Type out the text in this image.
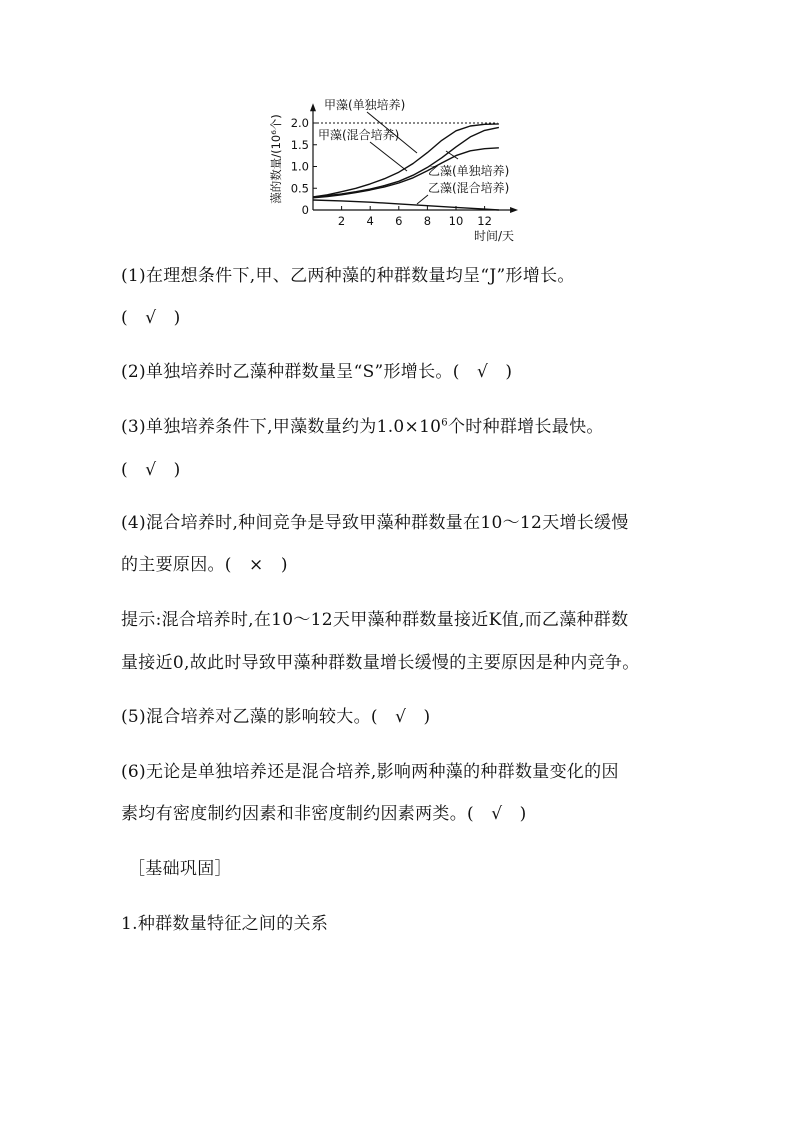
0
0.5
1.0
1.5
2.0
2 4 6 8 10 12
时间/天
藻的数量/(10⁶个)
甲藻(单独培养)
甲藻(混合培养)
乙藻(单独培养)
乙藻(混合培养)
(1)在理想条件下,甲、乙两种藻的种群数量均呈“J”形增长。
(　√　)
(2)单独培养时乙藻种群数量呈“S”形增长。(　√　)
(3)单独培养条件下,甲藻数量约为$1.0\times 10^6$个时种群增长最快。
(　√　)
(4)混合培养时,种间竞争是导致甲藻种群数量在10～12天增长缓慢
的主要原因。(　×　)
提示:混合培养时,在10～12天甲藻种群数量接近K值,而乙藻种群数
量接近0,故此时导致甲藻种群数量增长缓慢的主要原因是种内竞争。
(5)混合培养对乙藻的影响较大。(　√　)
(6)无论是单独培养还是混合培养,影响两种藻的种群数量变化的因
素均有密度制约因素和非密度制约因素两类。(　√　)
［基础巩固］
1.种群数量特征之间的关系
